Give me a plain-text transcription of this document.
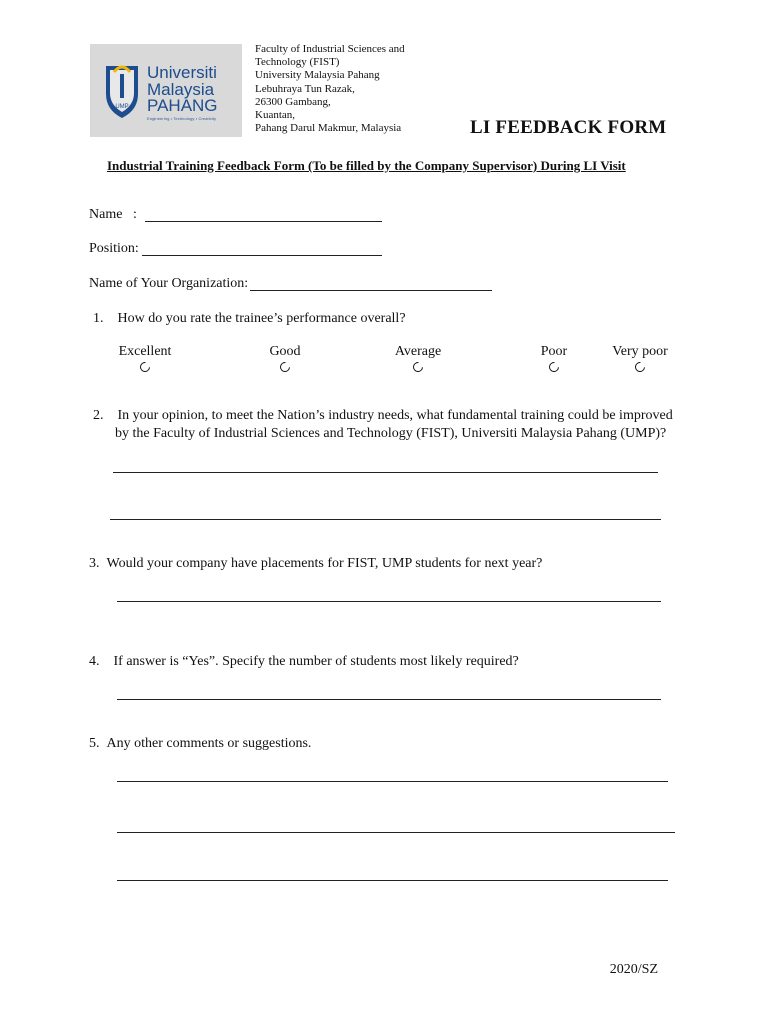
UMP
Universiti
Malaysia
PAHANG
Engineering • Technology • Creativity
Faculty of Industrial Sciences and
Technology (FIST)
University Malaysia Pahang
Lebuhraya Tun Razak,
26300 Gambang,
Kuantan,
Pahang Darul Makmur, Malaysia	LI FEEDBACK FORM
Industrial Training Feedback Form (To be filled by the Company Supervisor) During LI Visit
Name :
Position:
Name of Your Organization:
1. How do you rate the trainee’s performance overall?
Excellent	Good	Average	Poor	Very poor
2. In your opinion, to meet the Nation’s industry needs, what fundamental training could be improved
by the Faculty of Industrial Sciences and Technology (FIST), Universiti Malaysia Pahang (UMP)?
3. Would your company have placements for FIST, UMP students for next year?
4. If answer is “Yes”. Specify the number of students most likely required?
5. Any other comments or suggestions.
2020/SZ
